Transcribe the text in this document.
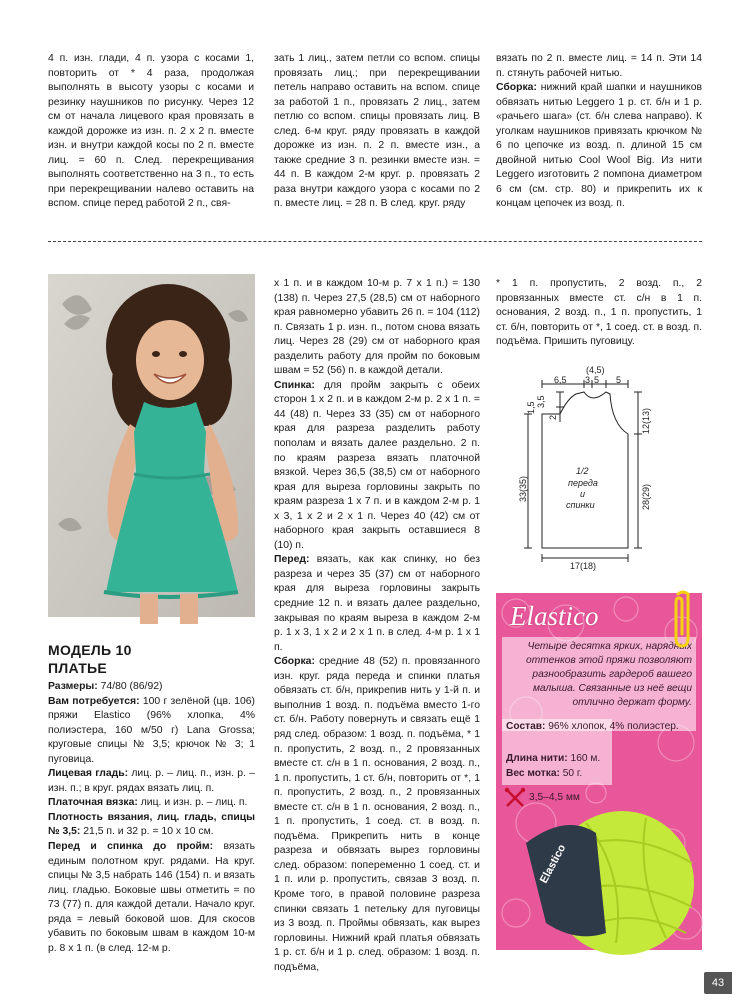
4 п. изн. глади, 4 п. узора с косами 1, повторить от * 4 раза, продолжая выполнять в высоту узоры с косами и резинку наушников по рисунку. Через 12 см от начала лицевого края провязать в каждой дорожке из изн. п. 2 х 2 п. вместе изн. и внутри каждой косы по 2 п. вместе лиц. = 60 п. След. перекрещивания выполнять соответственно на 3 п., то есть при перекрещивании налево оставить на вспом. спице перед работой 2 п., свя-

зать 1 лиц., затем петли со вспом. спицы провязать лиц.; при перекрещивании петель направо оставить на вспом. спице за работой 1 п., провязать 2 лиц., затем петлю со вспом. спицы провязать лиц. В след. 6-м круг. ряду провязать в каждой дорожке из изн. п. 2 п. вместе изн., а также средние 3 п. резинки вместе изн. = 44 п. В каждом 2-м круг. р. провязать 2 раза внутри каждого узора с косами по 2 п. вместе лиц. = 28 п. В след. круг. ряду

вязать по 2 п. вместе лиц. = 14 п. Эти 14 п. стянуть рабочей нитью.

Сборка: нижний край шапки и наушников обвязать нитью Leggero 1 р. ст. б/н и 1 р. «рачьего шага» (ст. б/н слева направо). К уголкам наушников привязать крючком № 6 по цепочке из возд. п. длиной 15 см двойной нитью Cool Wool Big. Из нити Leggero изготовить 2 помпона диаметром 6 см (см. стр. 80) и прикрепить их к концам цепочек из возд. п.

МОДЕЛЬ 10
ПЛАТЬЕ

Размеры: 74/80 (86/92)

Вам потребуется: 100 г зелёной (цв. 106) пряжи Elastico (96% хлопка, 4% полиэстера, 160 м/50 г) Lana Grossa; круговые спицы № 3,5; крючок № 3; 1 пуговица.

Лицевая гладь: лиц. р. – лиц. п., изн. р. – изн. п.; в круг. рядах вязать лиц. п.

Платочная вязка: лиц. и изн. р. – лиц. п.

Плотность вязания, лиц. гладь, спицы № 3,5: 21,5 п. и 32 р. = 10 х 10 см.

Перед и спинка до пройм: вязать единым полотном круг. рядами. На круг. спицы № 3,5 набрать 146 (154) п. и вязать лиц. гладью. Боковые швы отметить = по 73 (77) п. для каждой детали. Начало круг. ряда = левый боковой шов. Для скосов убавить по боковым швам в каждом 10-м р. 8 х 1 п. (в след. 12-м р.

х 1 п. и в каждом 10-м р. 7 х 1 п.) = 130 (138) п. Через 27,5 (28,5) см от наборного края равномерно убавить 26 п. = 104 (112) п. Связать 1 р. изн. п., потом снова вязать лиц. Через 28 (29) см от наборного края разделить работу для пройм по боковым швам = 52 (56) п. в каждой детали.

Спинка: для пройм закрыть с обеих сторон 1 х 2 п. и в каждом 2-м р. 2 х 1 п. = 44 (48) п. Через 33 (35) см от наборного края для разреза разделить работу пополам и вязать далее раздельно. 2 п. по краям разреза вязать платочной вязкой. Через 36,5 (38,5) см от наборного края для выреза горловины закрыть по краям разреза 1 х 7 п. и в каждом 2-м р. 1 х 3, 1 х 2 и 2 х 1 п. Через 40 (42) см от наборного края закрыть оставшиеся 8 (10) п.

Перед: вязать, как как спинку, но без разреза и через 35 (37) см от наборного края для выреза горловины закрыть средние 12 п. и вязать далее раздельно, закрывая по краям выреза в каждом 2-м р. 1 х 3, 1 х 2 и 2 х 1 п. в след. 4-м р. 1 х 1 п.

Сборка: средние 48 (52) п. провязанного изн. круг. ряда переда и спинки платья обвязать ст. б/н, прикрепив нить у 1-й п. и выполнив 1 возд. п. подъёма вместо 1-го ст. б/н. Работу повернуть и связать ещё 1 ряд след. образом: 1 возд. п. подъёма, * 1 п. пропустить, 2 возд. п., 2 провязанных вместе ст. с/н в 1 п. основания, 2 возд. п., 1 п. пропустить, 1 ст. б/н, повторить от *, 1 п. пропустить, 2 возд. п., 2 провязанных вместе ст. с/н в 1 п. основания, 2 возд. п., 1 п. пропустить, 1 соед. ст. в возд. п. подъёма. Прикрепить нить в конце разреза и обвязать вырез горловины след. образом: попеременно 1 соед. ст. и 1 п. или р. пропустить, связав 3 возд. п. Кроме того, в правой половине разреза спинки связать 1 петельку для пуговицы из 3 возд. п. Проймы обвязать, как вырез горловины. Нижний край платья обвязать 1 р. ст. б/н и 1 р. след. образом: 1 возд. п. подъёма,

* 1 п. пропустить, 2 возд. п., 2 провязанных вместе ст. с/н в 1 п. основания, 2 возд. п., 1 п. пропустить, 1 ст. б/н, повторить от *, 1 соед. ст. в возд. п. подъёма. Пришить пуговицу.

(4,5)
6,5 3 5 5
1,5 3,5
2	12(13)
33(35)	28(29)
17(18)
1/2
переда
и
спинки
Elastico
Четыре десятка ярких, нарядных оттенков этой пряжи позволяют разнообразить гардероб вашего малыша. Связанные из неё вещи отлично держат форму.
Состав: 96% хлопок, 4% полиэстер.
Длина нити: 160 м.
Вес мотка: 50 г.
3,5–4,5 мм
Elastico
43
